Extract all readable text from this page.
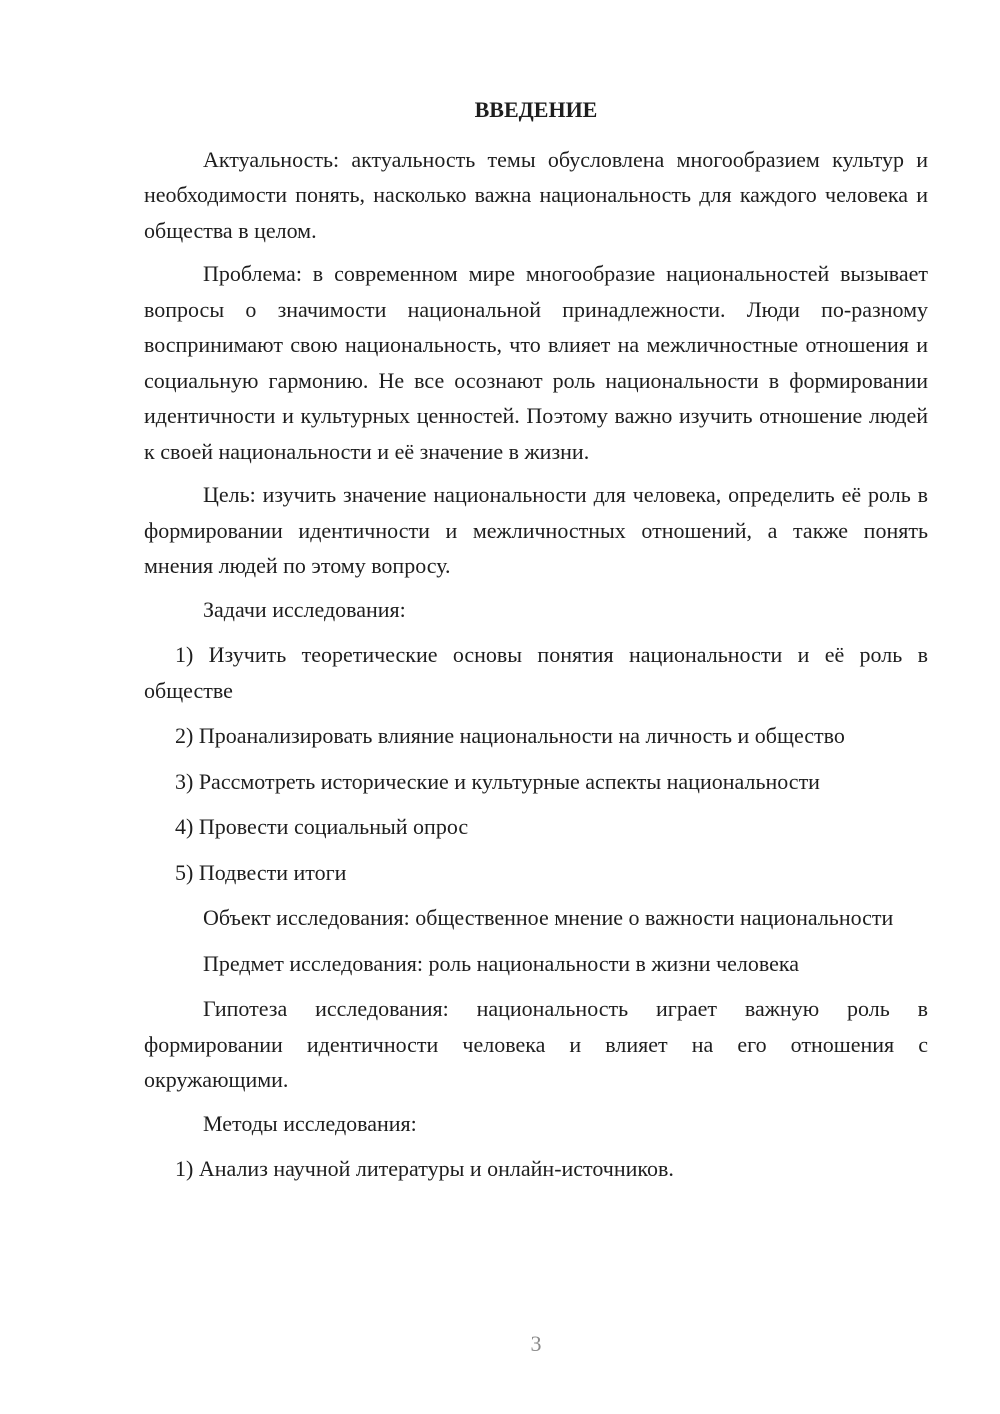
ВВЕДЕНИЕ

Актуальность: актуальность темы обусловлена многообразием культур и необходимости понять, насколько важна национальность для каждого человека и общества в целом.

Проблема: в современном мире многообразие национальностей вызывает вопросы о значимости национальной принадлежности. Люди по-разному воспринимают свою национальность, что влияет на межличностные отношения и социальную гармонию. Не все осознают роль национальности в формировании идентичности и культурных ценностей. Поэтому важно изучить отношение людей к своей национальности и её значение в жизни.

Цель: изучить значение национальности для человека, определить её роль в формировании идентичности и межличностных отношений, а также понять мнения людей по этому вопросу.

Задачи исследования:

1) Изучить теоретические основы понятия национальности и её роль в обществе

2) Проанализировать влияние национальности на личность и общество

3) Рассмотреть исторические и культурные аспекты национальности

4) Провести социальный опрос

5) Подвести итоги

Объект исследования: общественное мнение о важности национальности

Предмет исследования: роль национальности в жизни человека

Гипотеза исследования: национальность играет важную роль в формировании идентичности человека и влияет на его отношения с окружающими.

Методы исследования:

1) Анализ научной литературы и онлайн-источников.

3
